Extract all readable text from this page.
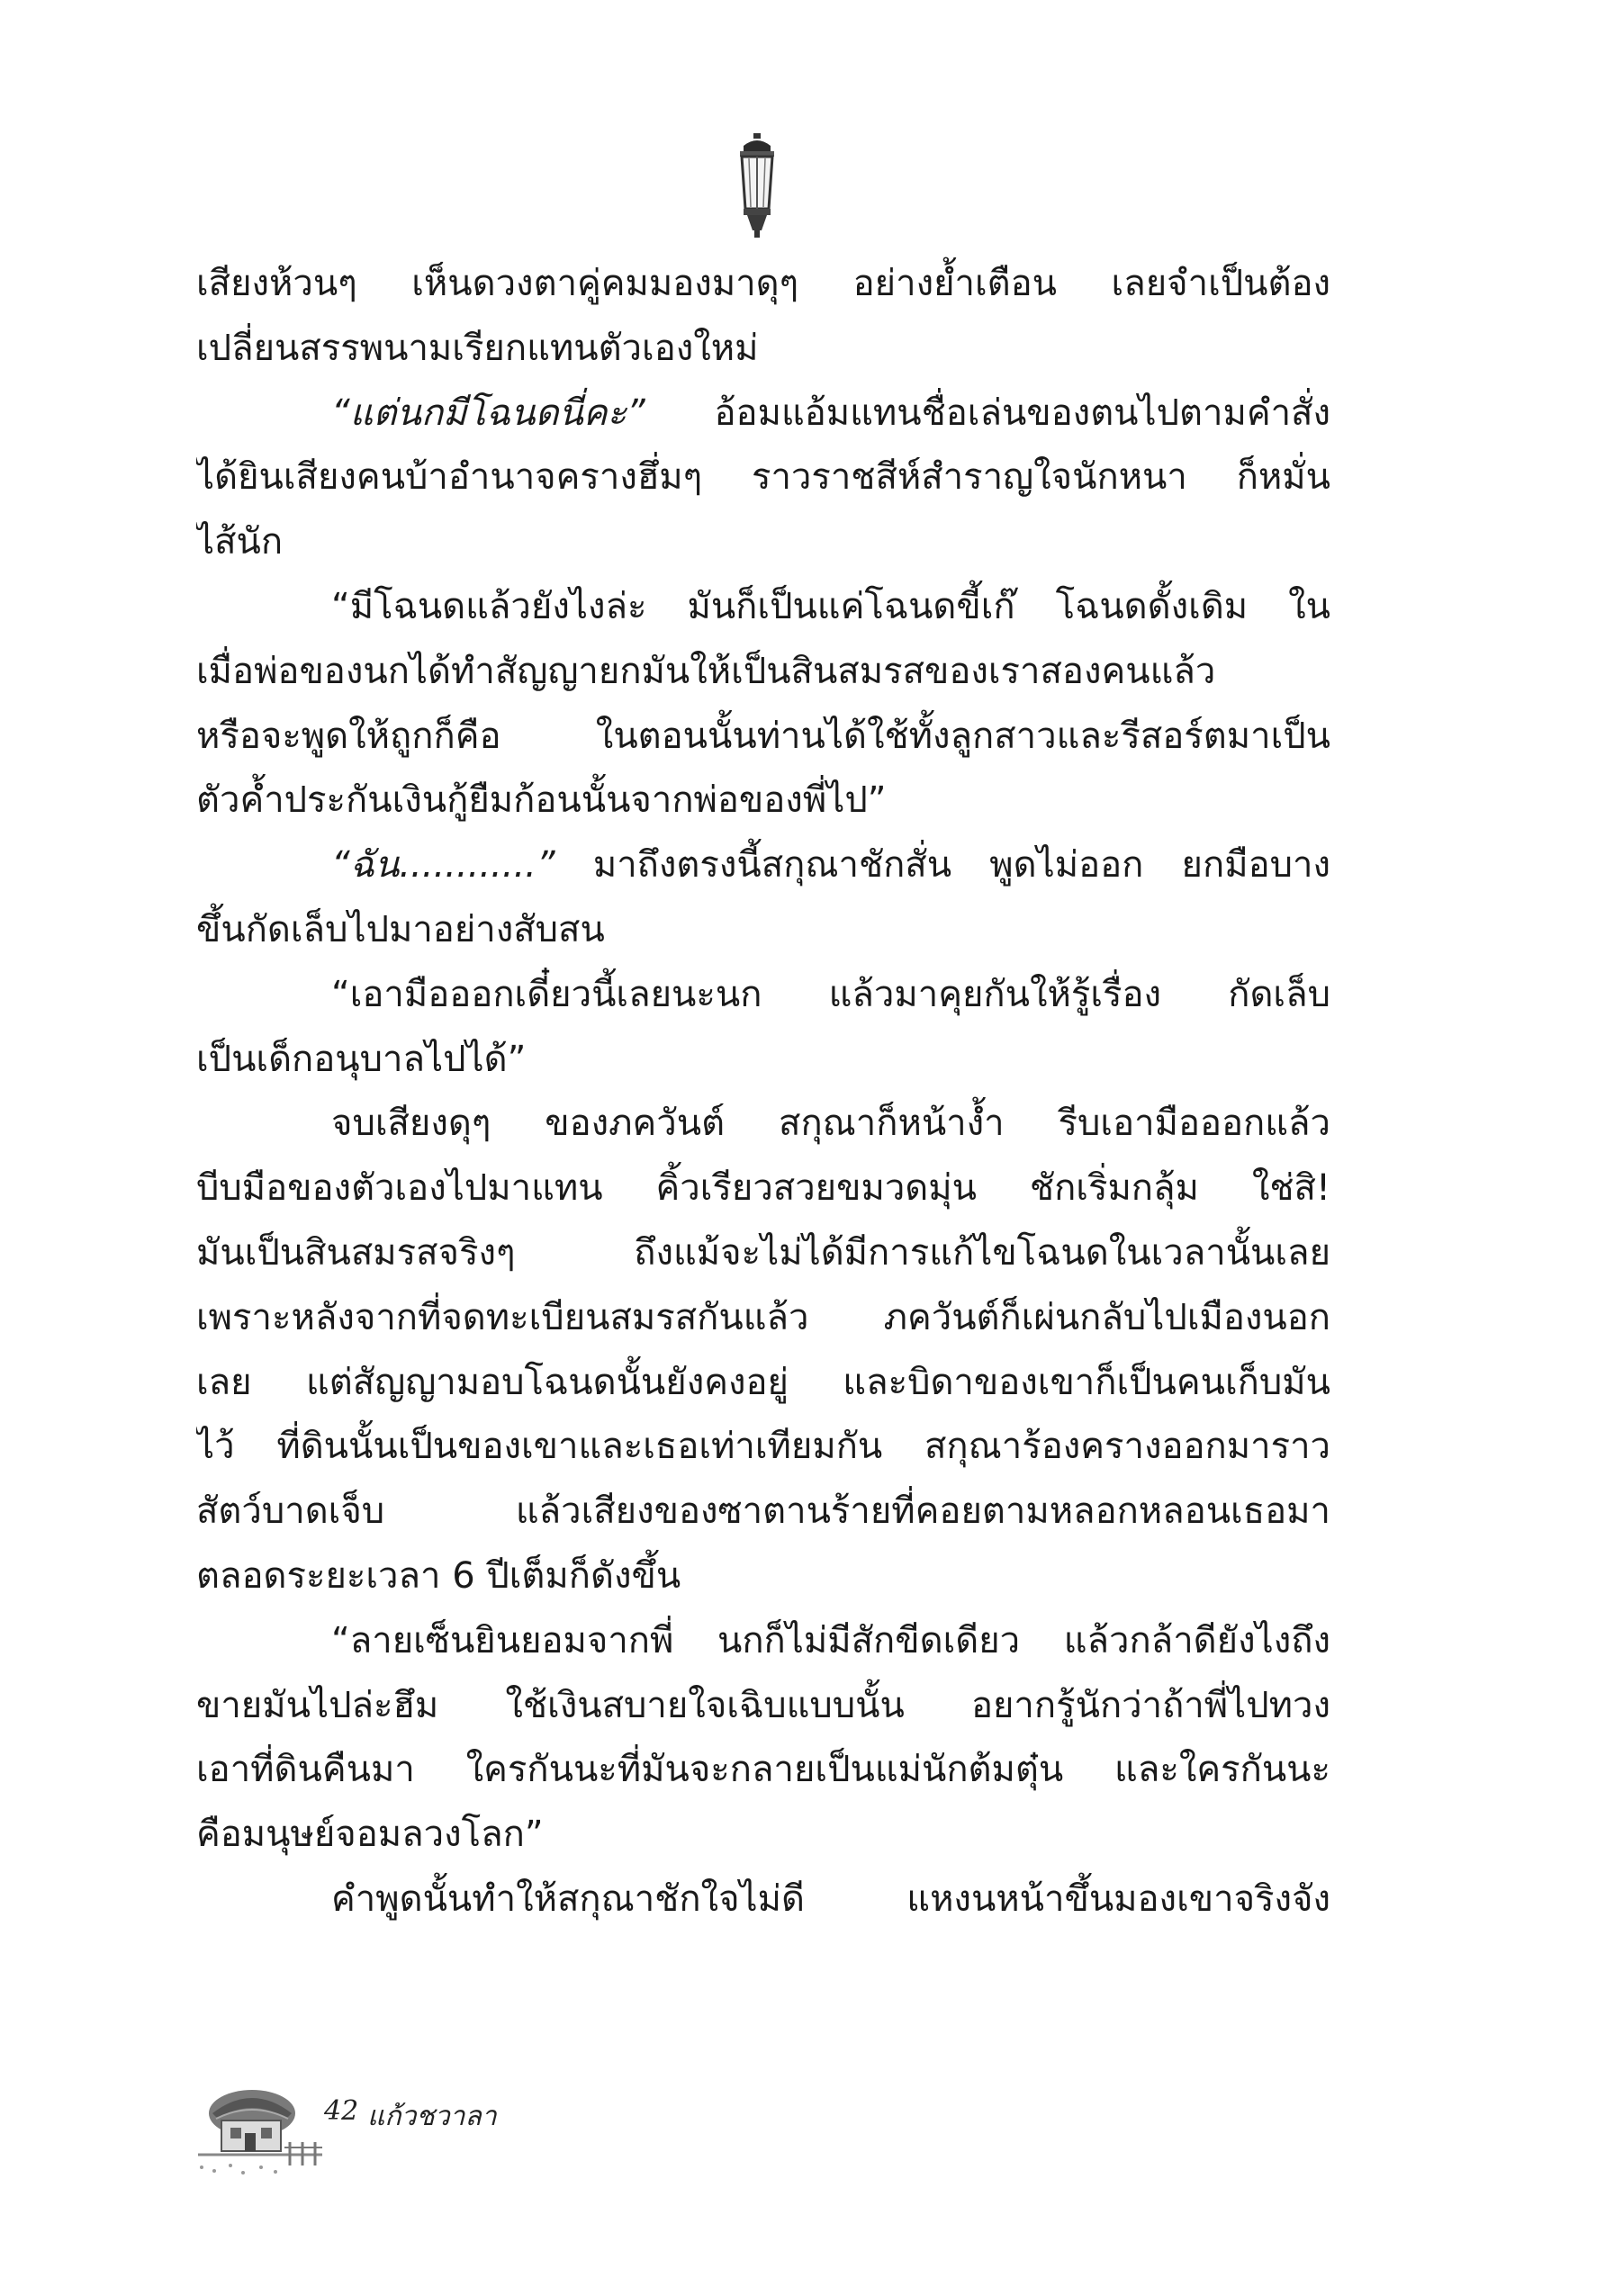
เสียงห้วนๆ เห็นดวงตาคู่คมมองมาดุๆ อย่างย้ำเตือน เลยจำเป็นต้อง
เปลี่ยนสรรพนามเรียกแทนตัวเองใหม่
“แต่นกมีโฉนดนี่คะ” อ้อมแอ้มแทนชื่อเล่นของตนไปตามคำสั่ง
ได้ยินเสียงคนบ้าอำนาจครางฮึ่มๆ ราวราชสีห์สำราญใจนักหนา ก็หมั่น
ไส้นัก
“มีโฉนดแล้วยังไงล่ะ มันก็เป็นแค่โฉนดขี้เก๊ โฉนดดั้งเดิม ใน
เมื่อพ่อของนกได้ทำสัญญายกมันให้เป็นสินสมรสของเราสองคนแล้ว
หรือจะพูดให้ถูกก็คือ ในตอนนั้นท่านได้ใช้ทั้งลูกสาวและรีสอร์ตมาเป็น
ตัวค้ำประกันเงินกู้ยืมก้อนนั้นจากพ่อของพี่ไป”
“ฉัน............” มาถึงตรงนี้สกุณาชักสั่น พูดไม่ออก ยกมือบาง
ขึ้นกัดเล็บไปมาอย่างสับสน
“เอามือออกเดี๋ยวนี้เลยนะนก แล้วมาคุยกันให้รู้เรื่อง กัดเล็บ
เป็นเด็กอนุบาลไปได้”
จบเสียงดุๆ ของภควันต์ สกุณาก็หน้างํ้า รีบเอามือออกแล้ว
บีบมือของตัวเองไปมาแทน คิ้วเรียวสวยขมวดมุ่น ชักเริ่มกลุ้ม ใช่สิ!
มันเป็นสินสมรสจริงๆ ถึงแม้จะไม่ได้มีการแก้ไขโฉนดในเวลานั้นเลย
เพราะหลังจากที่จดทะเบียนสมรสกันแล้ว ภควันต์ก็เผ่นกลับไปเมืองนอก
เลย แต่สัญญามอบโฉนดนั้นยังคงอยู่ และบิดาของเขาก็เป็นคนเก็บมัน
ไว้ ที่ดินนั้นเป็นของเขาและเธอเท่าเทียมกัน สกุณาร้องครางออกมาราว
สัตว์บาดเจ็บ แล้วเสียงของซาตานร้ายที่คอยตามหลอกหลอนเธอมา
ตลอดระยะเวลา 6 ปีเต็มก็ดังขึ้น
“ลายเซ็นยินยอมจากพี่ นกก็ไม่มีสักขีดเดียว แล้วกล้าดียังไงถึง
ขายมันไปล่ะฮึม ใช้เงินสบายใจเฉิบแบบนั้น อยากรู้นักว่าถ้าพี่ไปทวง
เอาที่ดินคืนมา ใครกันนะที่มันจะกลายเป็นแม่นักต้มตุ๋น และใครกันนะ
คือมนุษย์จอมลวงโลก”
คำพูดนั้นทำให้สกุณาชักใจไม่ดี แหงนหน้าขึ้นมองเขาจริงจัง
42 แก้วชวาลา
